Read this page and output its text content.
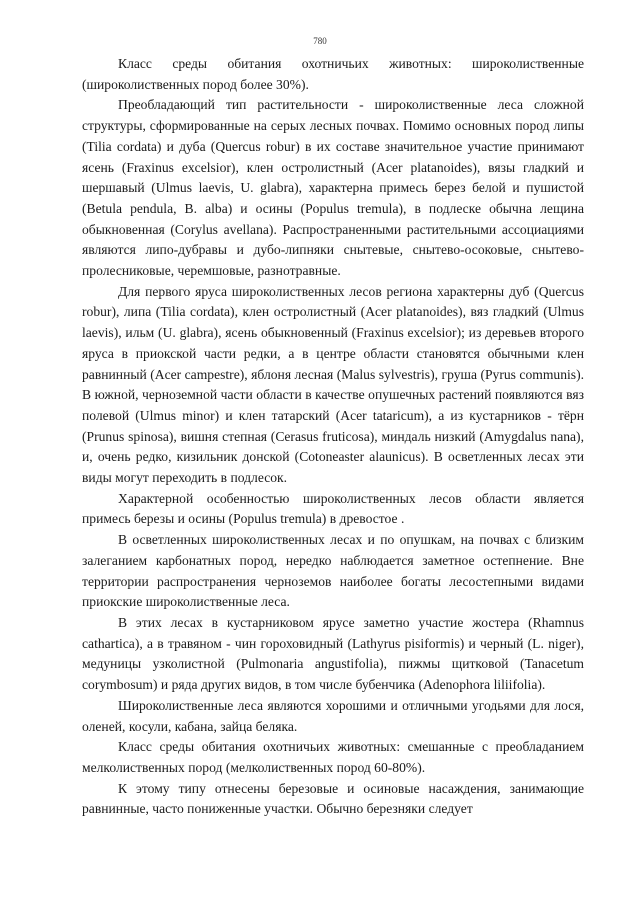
780

Класс среды обитания охотничьих животных: широколиственные (широколиственных пород более 30%).

Преобладающий тип растительности - широколиственные леса сложной структуры, сформированные на серых лесных почвах. Помимо основных пород липы (Tilia cordata) и дуба (Quercus robur) в их составе значительное участие принимают ясень (Fraxinus excelsior), клен остролистный (Acer platanoides), вязы гладкий и шершавый (Ulmus laevis, U. glabra), характерна примесь берез белой и пушистой (Betula pendula, B. alba) и осины (Populus tremula), в подлеске обычна лещина обыкновенная (Corylus avellana). Распространенными растительными ассоциациями являются липо-дубравы и дубо-липняки снытевые, снытево-осоковые, снытево-пролесниковые, черемшовые, разнотравные.

Для первого яруса широколиственных лесов региона характерны дуб (Quercus robur), липа (Tilia cordata), клен остролистный (Acer platanoides), вяз гладкий (Ulmus laevis), ильм (U. glabra), ясень обыкновенный (Fraxinus excelsior); из деревьев второго яруса в приокской части редки, а в центре области становятся обычными клен равнинный (Acer campestre), яблоня лесная (Malus sylvestris), груша (Pyrus communis). В южной, черноземной части области в качестве опушечных растений появляются вяз полевой (Ulmus minor) и клен татарский (Acer tataricum), а из кустарников - тёрн (Prunus spinosa), вишня степная (Cerasus fruticosa), миндаль низкий (Amygdalus nana), и, очень редко, кизильник донской (Cotoneaster alaunicus). В осветленных лесах эти виды могут переходить в подлесок.

Характерной особенностью широколиственных лесов области является примесь березы и осины (Populus tremula) в древостое .

В осветленных широколиственных лесах и по опушкам, на почвах с близким залеганием карбонатных пород, нередко наблюдается заметное остепнение. Вне территории распространения черноземов наиболее богаты лесостепными видами приокские широколиственные леса.

В этих лесах в кустарниковом ярусе заметно участие жостера (Rhamnus cathartica), а в травяном - чин гороховидный (Lathyrus pisiformis) и черный (L. niger), медуницы узколистной (Pulmonaria angustifolia), пижмы щитковой (Tanacetum corymbosum) и ряда других видов, в том числе бубенчика (Adenophora liliifolia).

Широколиственные леса являются хорошими и отличными угодьями для лося, оленей, косули, кабана, зайца беляка.

Класс среды обитания охотничьих животных: смешанные с преобладанием мелколиственных пород (мелколиственных пород 60-80%).

К этому типу отнесены березовые и осиновые насаждения, занимающие равнинные, часто пониженные участки. Обычно березняки следует
